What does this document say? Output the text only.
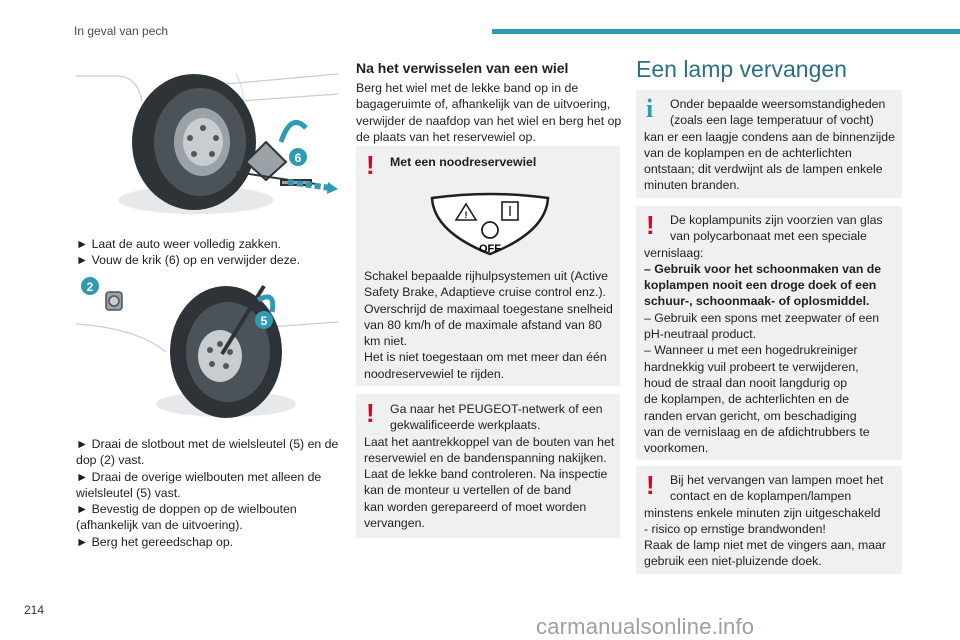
In geval van pech
6

► Laat de auto weer volledig zakken.

► Vouw de krik (6) op en verwijder deze.

5
2

► Draai de slotbout met de wielsleutel (5) en de

dop (2) vast.

► Draai de overige wielbouten met alleen de

wielsleutel (5) vast.

► Bevestig de doppen op de wielbouten

(afhankelijk van de uitvoering).

► Berg het gereedschap op.

Na het verwisselen van een wiel

Berg het wiel met de lekke band op in de

bagageruimte of, afhankelijk van de uitvoering,

verwijder de naafdop van het wiel en berg het op

de plaats van het reservewiel op.

! Met een noodreservewiel
!
OFF

Schakel bepaalde rijhulpsystemen uit (Active

Safety Brake, Adaptieve cruise control enz.).

Overschrijd de maximaal toegestane snelheid

van 80 km/h of de maximale afstand van 80

km niet.

Het is niet toegestaan om met meer dan één

noodreservewiel te rijden.

!	Ga naar het PEUGEOT-netwerk of een

gekwalificeerde werkplaats.

Laat het aantrekkoppel van de bouten van het

reservewiel en de bandenspanning nakijken.

Laat de lekke band controleren. Na inspectie

kan de monteur u vertellen of de band

kan worden gerepareerd of moet worden

vervangen.

Een lamp vervangen
i	Onder bepaalde weersomstandigheden

(zoals een lage temperatuur of vocht)

kan er een laagje condens aan de binnenzijde

van de koplampen en de achterlichten

ontstaan; dit verdwijnt als de lampen enkele

minuten branden.

!	De koplampunits zijn voorzien van glas

van polycarbonaat met een speciale

vernislaag:

– Gebruik voor het schoonmaken van de

koplampen nooit een droge doek of een

schuur-, schoonmaak- of oplosmiddel.

– Gebruik een spons met zeepwater of een

pH-neutraal product.

– Wanneer u met een hogedrukreiniger

hardnekkig vuil probeert te verwijderen,

houd de straal dan nooit langdurig op

de koplampen, de achterlichten en de

randen ervan gericht, om beschadiging

van de vernislaag en de afdichtrubbers te

voorkomen.

!	Bij het vervangen van lampen moet het

contact en de koplampen/lampen

minstens enkele minuten zijn uitgeschakeld

- risico op ernstige brandwonden!

Raak de lamp niet met de vingers aan, maar

gebruik een niet-pluizende doek.

214
carmanualsonline.info
